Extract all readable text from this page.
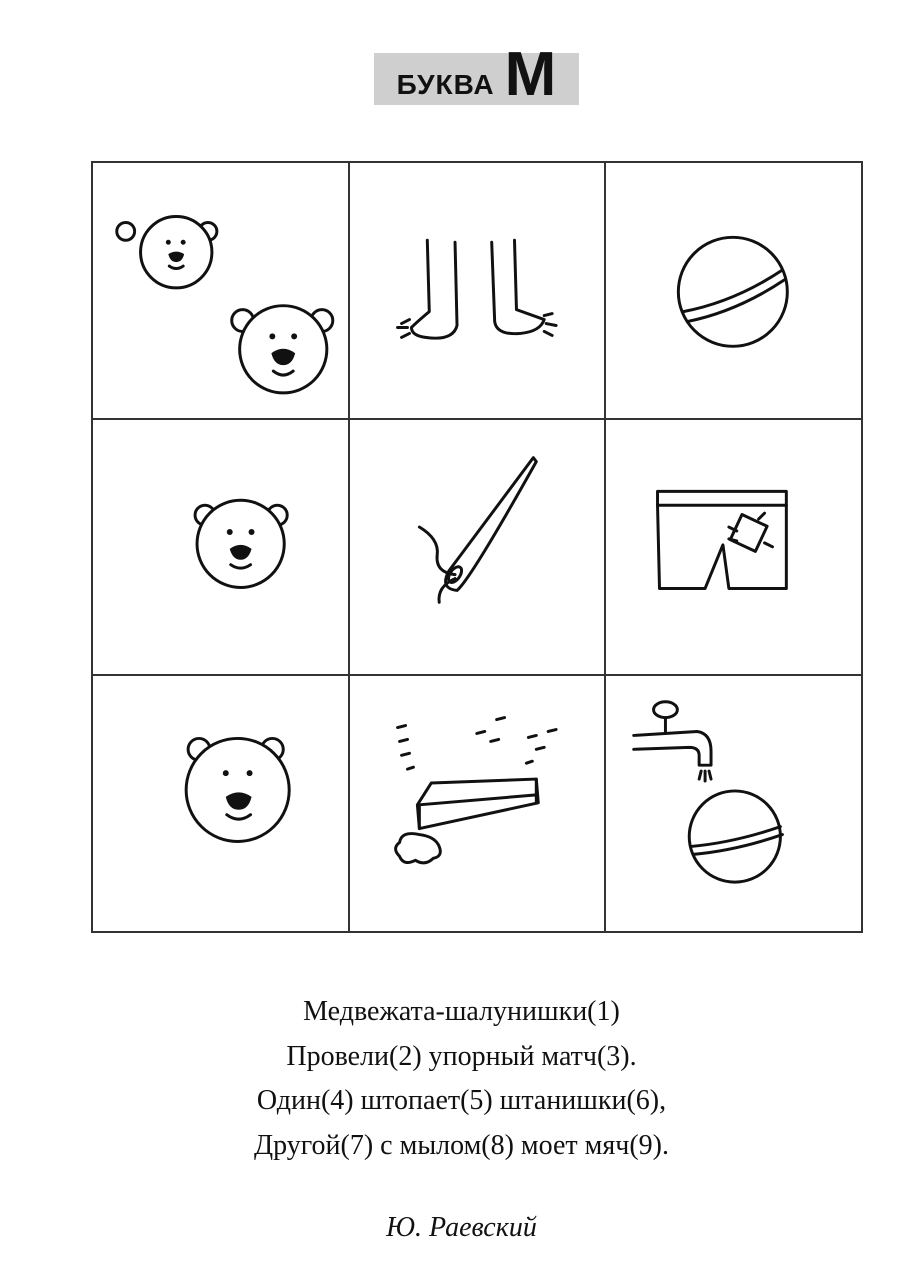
БУКВА М
Медвежата-шалунишки(1)
Провели(2) упорный матч(3).
Один(4) штопает(5) штанишки(6),
Другой(7) с мылом(8) моет мяч(9).
Ю. Раевский
